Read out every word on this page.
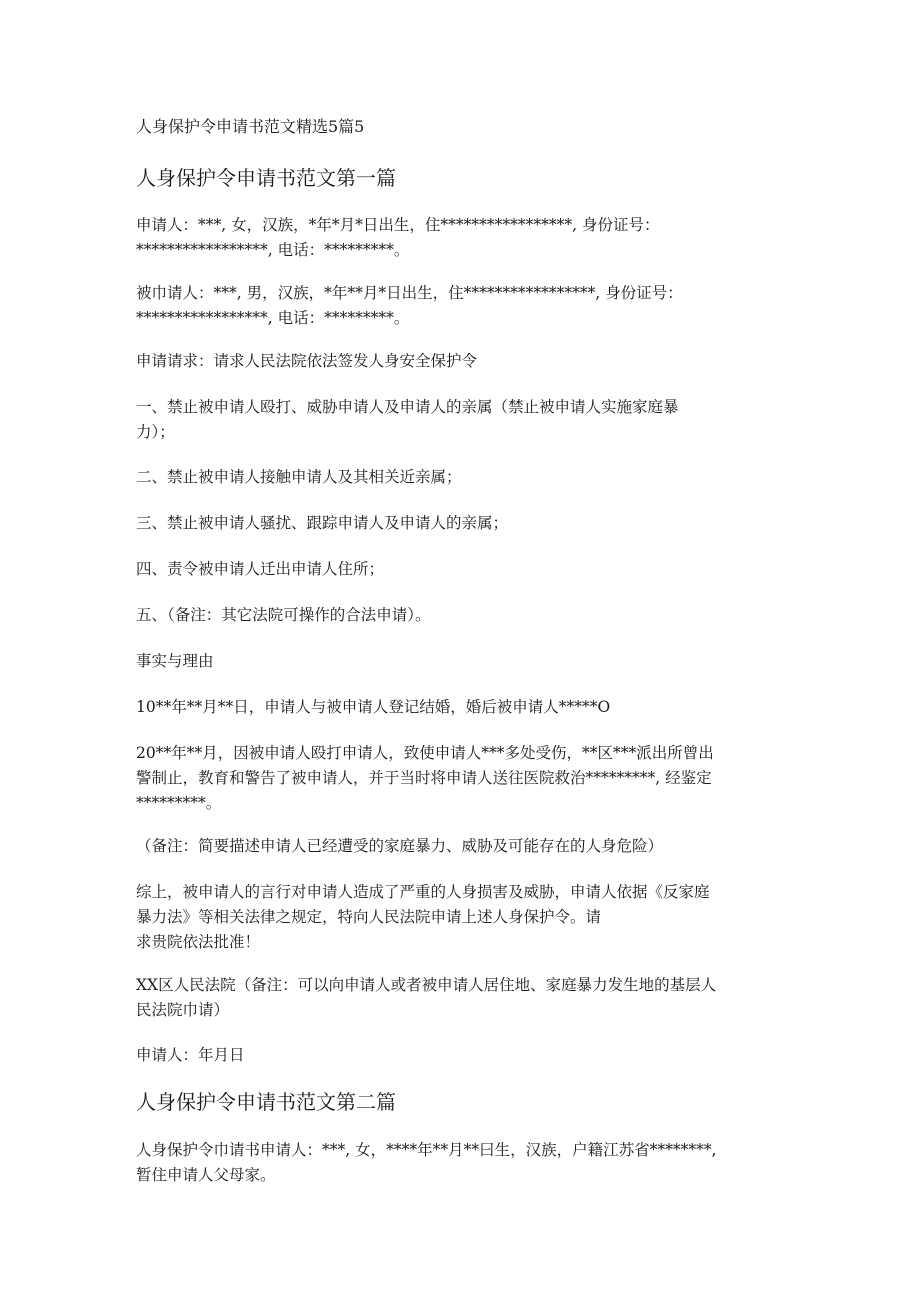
人身保护令申请书范文精选5篇5
人身保护令申请书范文第一篇
申请人：***, 女，汉族，*年*月*日出生，住*****************, 身份证号：
*****************, 电话：*********。
被巾请人：***, 男，汉族，*年**月*日出生，住*****************, 身份证号：
*****************, 电话：*********。
申请请求：请求人民法院依法签发人身安全保护令
一、禁止被申请人殴打、威胁申请人及申请人的亲属（禁止被申请人实施家庭暴
力）；
二、禁止被申请人接触申请人及其相关近亲属；
三、禁止被申请人骚扰、跟踪申请人及申请人的亲属；
四、责令被申请人迁出申请人住所；
五、（备注：其它法院可操作的合法申请）。
事实与理由
10**年**月**日，申请人与被申请人登记结婚，婚后被申请人*****O
20**年**月，因被申请人殴打申请人，致使申请人***多处受伤，**区***派出所曾出
警制止，教育和警告了被申请人，并于当时将申请人送往医院救治*********, 经鉴定
*********。
（备注：简要描述申请人已经遭受的家庭暴力、威胁及可能存在的人身危险）
综上，被申请人的言行对申请人造成了严重的人身损害及威胁，申请人依据《反家庭
暴力法》等相关法律之规定，特向人民法院申请上述人身保护令。请
求贵院依法批准！
XX区人民法院（备注：可以向申请人或者被申请人居住地、家庭暴力发生地的基层人
民法院巾请）
申请人：年月日
人身保护令申请书范文第二篇
人身保护令巾请书申请人：***, 女，****年**月**曰生，汉族，户籍江苏省********,
暂住申请人父母家。
